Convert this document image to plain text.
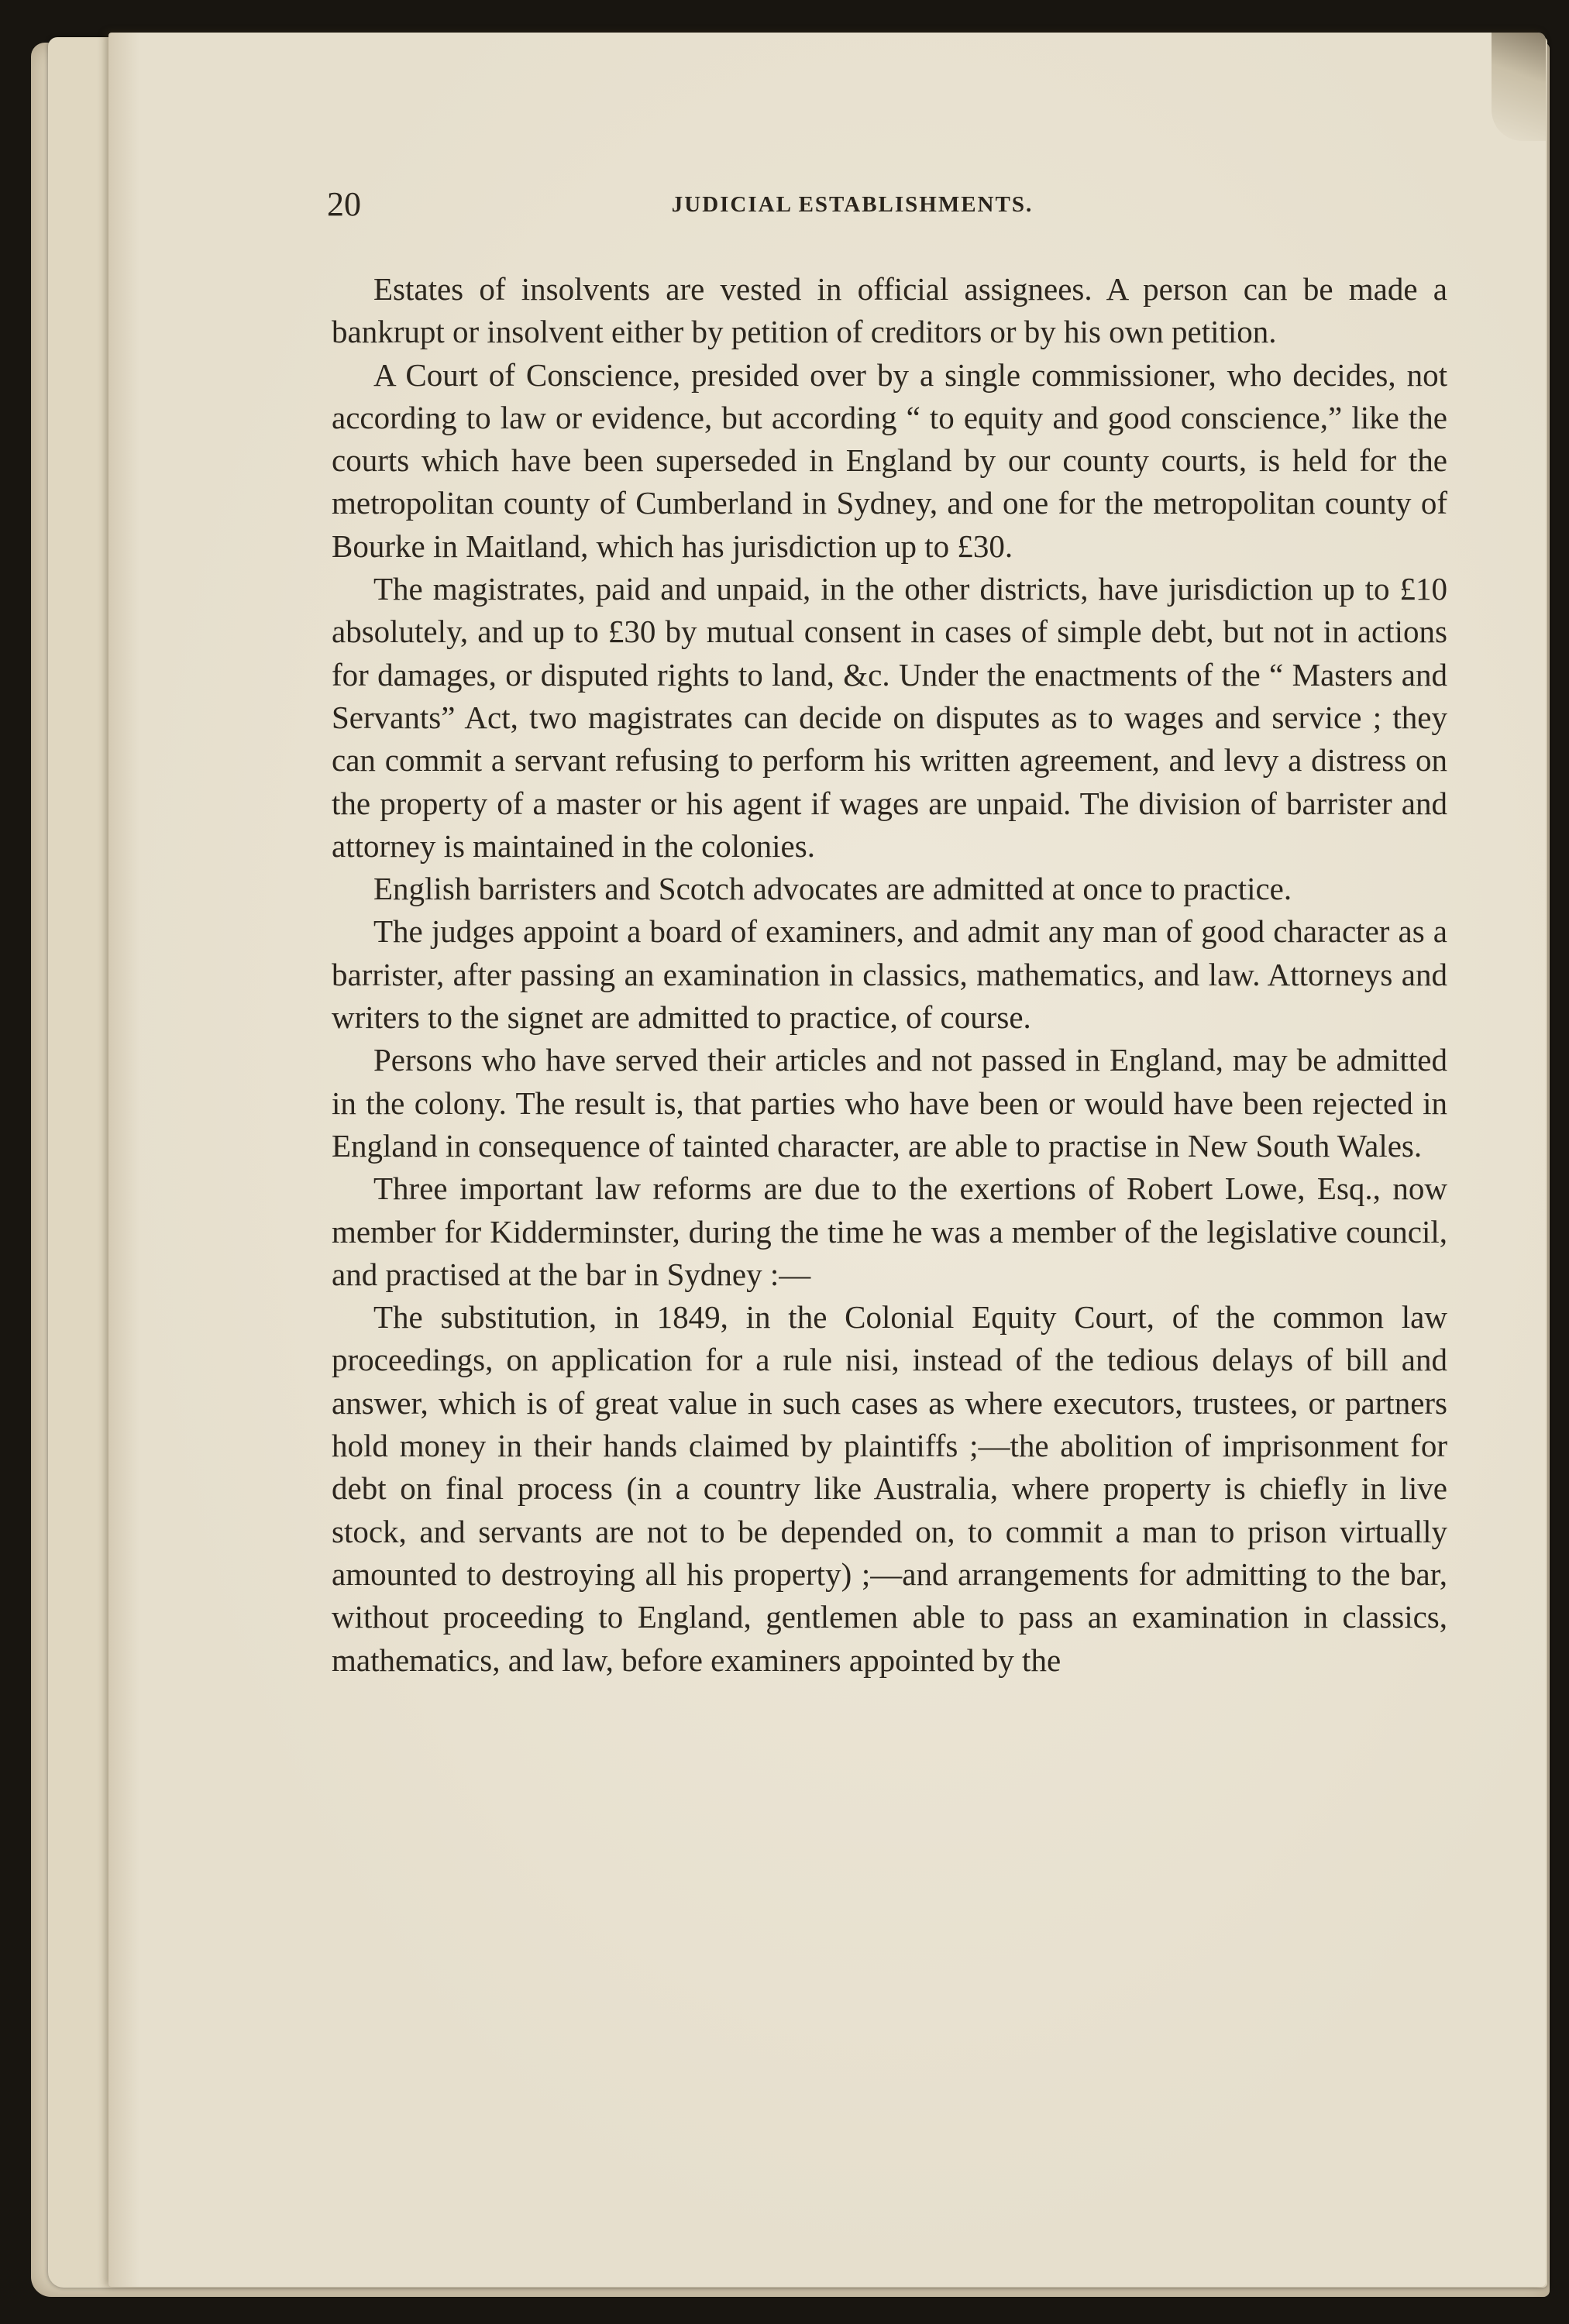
20	JUDICIAL ESTABLISHMENTS.

Estates of insolvents are vested in official assignees. A person can be made a bankrupt or insolvent either by petition of creditors or by his own petition.

A Court of Conscience, presided over by a single commissioner, who decides, not according to law or evidence, but according “ to equity and good conscience,” like the courts which have been superseded in England by our county courts, is held for the metropolitan county of Cumberland in Sydney, and one for the metropolitan county of Bourke in Maitland, which has jurisdiction up to £30.

The magistrates, paid and unpaid, in the other districts, have jurisdiction up to £10 absolutely, and up to £30 by mutual consent in cases of simple debt, but not in actions for damages, or disputed rights to land, &c. Under the enactments of the “ Masters and Servants” Act, two magistrates can decide on disputes as to wages and service ; they can commit a servant refusing to perform his written agreement, and levy a distress on the property of a master or his agent if wages are unpaid. The division of barrister and attorney is maintained in the colonies.

English barristers and Scotch advocates are admitted at once to practice.

The judges appoint a board of examiners, and admit any man of good character as a barrister, after passing an examination in classics, mathematics, and law. Attorneys and writers to the signet are admitted to practice, of course.

Persons who have served their articles and not passed in England, may be admitted in the colony. The result is, that parties who have been or would have been rejected in England in consequence of tainted character, are able to practise in New South Wales.

Three important law reforms are due to the exertions of Robert Lowe, Esq., now member for Kidderminster, during the time he was a member of the legislative council, and practised at the bar in Sydney :—

The substitution, in 1849, in the Colonial Equity Court, of the common law proceedings, on application for a rule nisi, instead of the tedious delays of bill and answer, which is of great value in such cases as where executors, trustees, or partners hold money in their hands claimed by plaintiffs ;—the abolition of imprisonment for debt on final process (in a country like Australia, where property is chiefly in live stock, and servants are not to be depended on, to commit a man to prison virtually amounted to destroying all his property) ;—and arrangements for admitting to the bar, without proceeding to England, gentlemen able to pass an examination in classics, mathematics, and law, before examiners appointed by the
